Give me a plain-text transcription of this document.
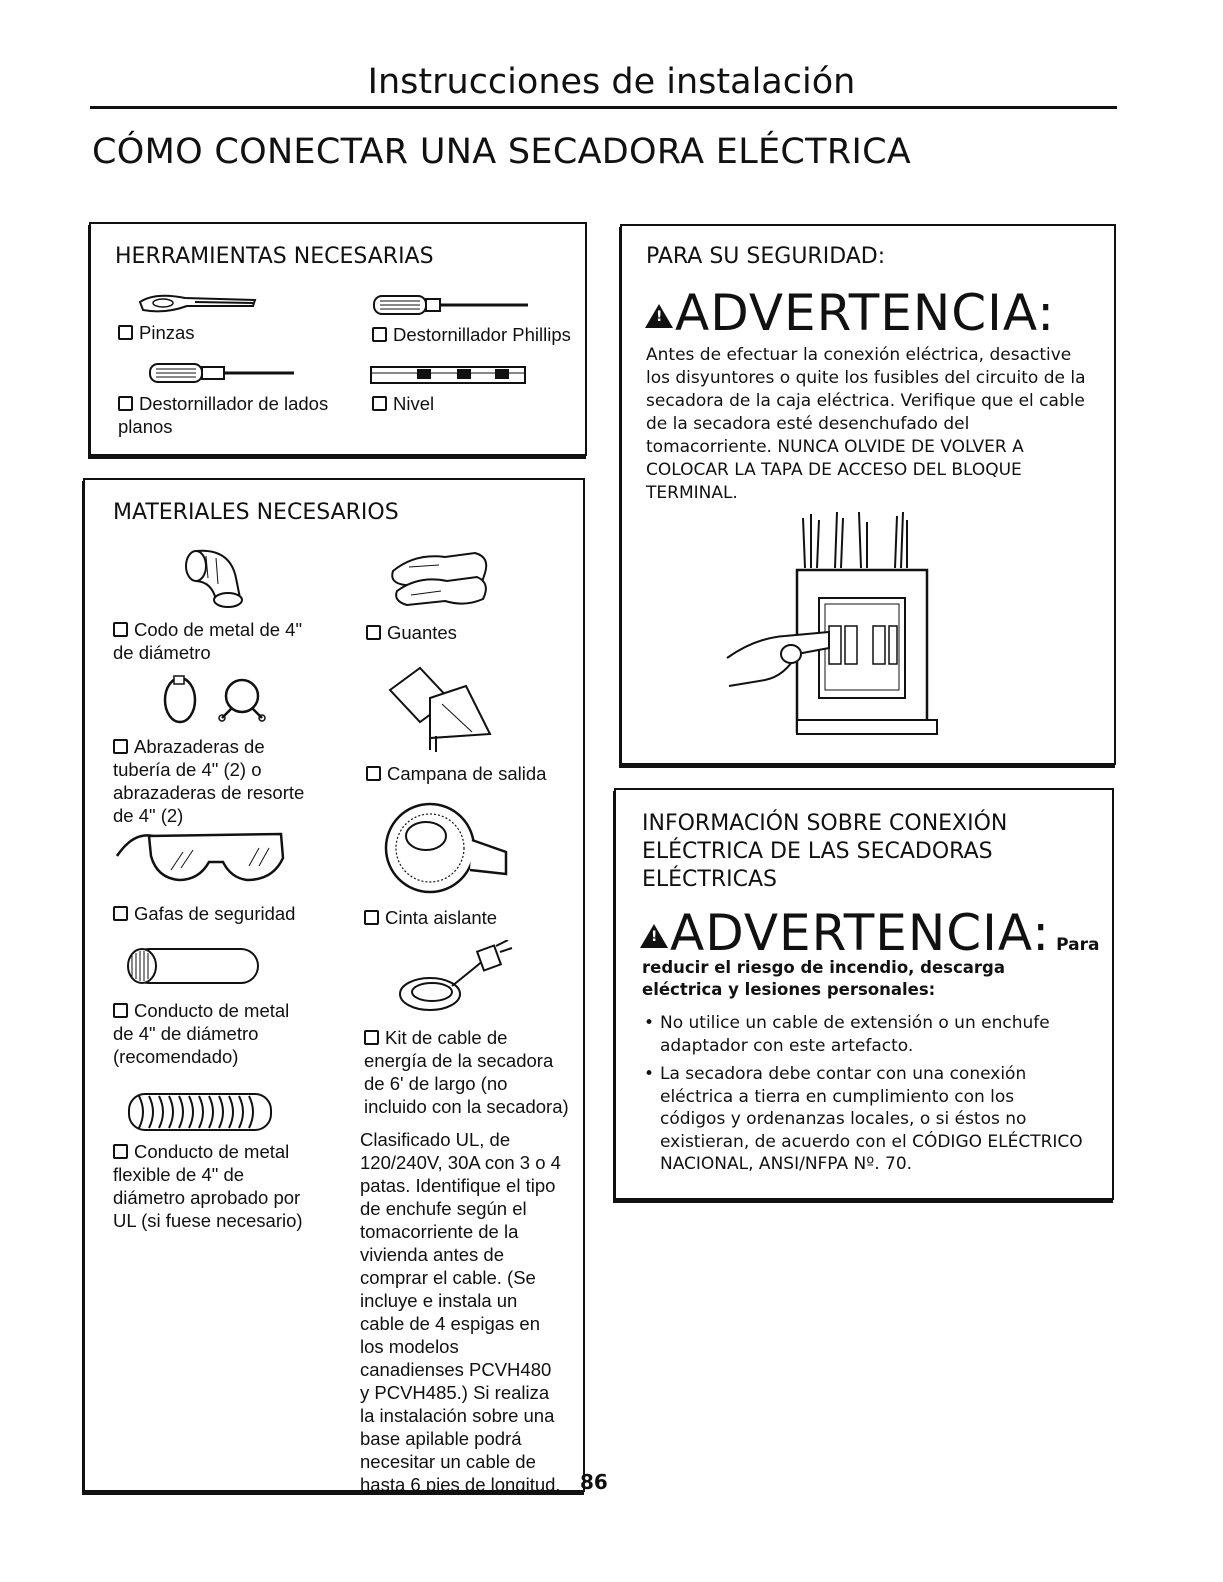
Instrucciones de instalación
CÓMO CONECTAR UNA SECADORA ELÉCTRICA
HERRAMIENTAS NECESARIAS
Pinzas	Destornillador Phillips
Destornillador de lados planos
Nivel
MATERIALES NECESARIOS
Codo de metal de 4" de diámetro
Guantes
Abrazaderas de tubería de 4" (2) o abrazaderas de resorte de 4" (2)
Campana de salida
Gafas de seguridad	Cinta aislante
Conducto de metal de 4" de diámetro (recomendado)
Kit de cable de energía de la secadora de 6' de largo (no incluido con la secadora)
Conducto de metal flexible de 4" de diámetro aprobado por UL (si fuese necesario)
Clasificado UL, de 120/240V, 30A con 3 o 4 patas. Identifique el tipo de enchufe según el tomacorriente de la vivienda antes de comprar el cable. (Se incluye e instala un cable de 4 espigas en los modelos canadienses PCVH480 y PCVH485.) Si realiza la instalación sobre una base apilable podrá necesitar un cable de hasta 6 pies de longitud. 86
PARA SU SEGURIDAD:
!ADVERTENCIA:
Antes de efectuar la conexión eléctrica, desactive los disyuntores o quite los fusibles del circuito de la secadora de la caja eléctrica. Verifique que el cable de la secadora esté desenchufado del tomacorriente. NUNCA OLVIDE DE VOLVER A COLOCAR LA TAPA DE ACCESO DEL BLOQUE TERMINAL.
INFORMACIÓN SOBRE CONEXIÓN
ELÉCTRICA DE LAS SECADORAS
ELÉCTRICAS
!ADVERTENCIA: Para
reducir el riesgo de incendio, descarga eléctrica y lesiones personales:
• No utilice un cable de extensión o un enchufe adaptador con este artefacto.
• La secadora debe contar con una conexión eléctrica a tierra en cumplimiento con los códigos y ordenanzas locales, o si éstos no existieran, de acuerdo con el CÓDIGO ELÉCTRICO NACIONAL, ANSI/NFPA Nº. 70.
